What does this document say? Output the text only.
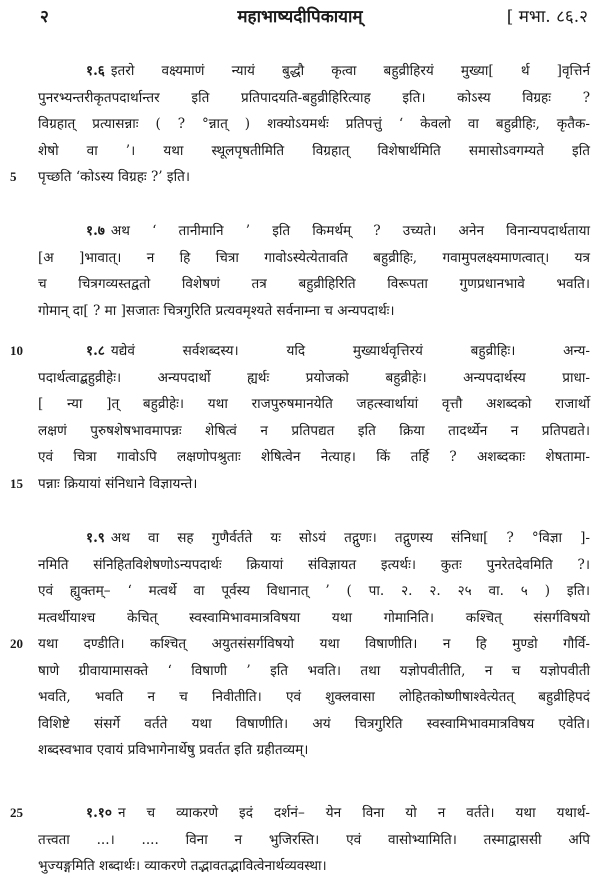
२	महाभाष्यदीपिकायाम्	[ मभा. ८६.२
१.६ इतरो वक्ष्यमाणं न्यायं बुद्धौ कृत्वा बहुव्रीहिरयं मुख्या[ र्थ ]वृत्तिर्न
पुनरभ्यन्तरीकृतपदार्थान्तर इति प्रतिपादयति-बहुव्रीहिरित्याह इति। कोऽस्य विग्रहः ?
विग्रहात् प्रत्यासन्नाः ( ? °न्नात् ) शक्योऽयमर्थः प्रतिपत्तुं ‘ केवलो वा बहुव्रीहिः, कृतैक-
शेषो वा ’। यथा स्थूलपृषतीमिति विग्रहात् विशेषार्थमिति समासोऽवगम्यते इति
5 पृच्छति ‘कोऽस्य विग्रहः ?’ इति।
१.७ अथ ‘ तानीमानि ’ इति किमर्थम् ? उच्यते। अनेन विनान्यपदार्थताया
[अ ]भावात्। न हि चित्रा गावोऽस्येत्येतावति बहुव्रीहिः, गवामुपलक्ष्यमाणत्वात्। यत्र
च चित्रगव्यस्तद्वतो विशेषणं तत्र बहुव्रीहिरिति विरूपता गुणप्रधानभावे भवति।
गोमान् दा[ ? मा ]सजातः चित्रगुरिति प्रत्यवमृश्यते सर्वनाम्ना च अन्यपदार्थः।
10	१.८ यद्येवं सर्वशब्दस्य। यदि मुख्यार्थवृत्तिरयं बहुव्रीहिः। अन्य-
पदार्थत्वाद्बहुव्रीहेः। अन्यपदार्थो ह्यर्थः प्रयोजको बहुव्रीहेः। अन्यपदार्थस्य प्राधा-
[ न्या ]त् बहुव्रीहेः। यथा राजपुरुषमानयेति जहत्स्वार्थायां वृत्तौ अशब्दको राजार्थो
लक्षणं पुरुषशेषभावमापन्नः शेषित्वं न प्रतिपद्यत इति क्रिया तादर्थ्येन न प्रतिपद्यते।
एवं चित्रा गावोऽपि लक्षणोपश्रुताः शेषित्वेन नेत्याह। किं तर्हि ? अशब्दकाः शेषतामा-
15 पन्नाः क्रियायां संनिधाने विज्ञायन्ते।
१.९ अथ वा सह गुणैर्वर्तते यः सोऽयं तद्गुणः। तद्गुणस्य संनिधा[ ? °विज्ञा ]-
नमिति संनिहितविशेषणोऽन्यपदार्थः क्रियायां संविज्ञायत इत्यर्थः। कुतः पुनरेतदेवमिति ?।
एवं ह्युक्तम्– ‘ मत्वर्थे वा पूर्वस्य विधानात् ’ ( पा. २. २. २५ वा. ५ ) इति।
मत्वर्थीयाश्च केचित् स्वस्वामिभावमात्रविषया यथा गोमानिति। कश्चित् संसर्गविषयो
20 यथा दण्डीति। कश्चित् अयुतसंसर्गविषयो यथा विषाणीति। न हि मुण्डो गौर्वि-
षाणे ग्रीवायामासक्ते ‘ विषाणी ’ इति भवति। तथा यज्ञोपवीतीति, न च यज्ञोपवीती
भवति, भवति न च निवीतीति। एवं शुक्लवासा लोहितकोष्णीषाश्वेत्येतत् बहुव्रीहिपदं
विशिष्टे संसर्गे वर्तते यथा विषाणीति। अयं चित्रगुरिति स्वस्वामिभावमात्रविषय एवेति।
शब्दस्वभाव एवायं प्रविभागेनार्थेषु प्रवर्तत इति ग्रहीतव्यम्।
25	१.१० न च व्याकरणे इदं दर्शनं– येन विना यो न वर्तते। यथा यथार्थ-
तत्त्वता ...। .... विना न भुजिरस्ति। एवं वासोभ्यामिति। तस्माद्वाससी अपि
भुज्यङ्गमिति शब्दार्थः। व्याकरणे तद्भावतद्भावित्वेनार्थव्यवस्था।
